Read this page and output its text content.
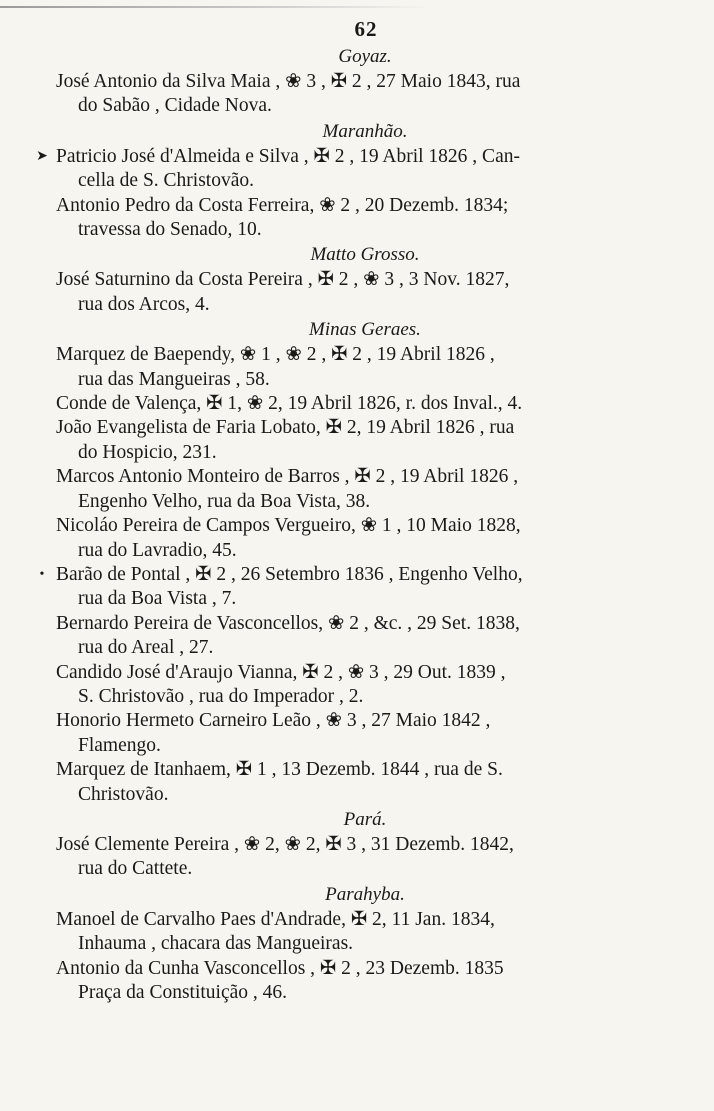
62
Goyaz.
José Antonio da Silva Maia , ❀ 3 , ✠ 2 , 27 Maio 1843, rua
do Sabão , Cidade Nova.
Maranhão.
➤ Patricio José d'Almeida e Silva , ✠ 2 , 19 Abril 1826 , Can-
cella de S. Christovão.
Antonio Pedro da Costa Ferreira, ❀ 2 , 20 Dezemb. 1834;
travessa do Senado, 10.
Matto Grosso.
José Saturnino da Costa Pereira , ✠ 2 , ❀ 3 , 3 Nov. 1827,
rua dos Arcos, 4.
Minas Geraes.
Marquez de Baependy, ❀ 1 , ❀ 2 , ✠ 2 , 19 Abril 1826 ,
rua das Mangueiras , 58.
Conde de Valença, ✠ 1, ❀ 2, 19 Abril 1826, r. dos Inval., 4.
João Evangelista de Faria Lobato, ✠ 2, 19 Abril 1826 , rua
do Hospicio, 231.
Marcos Antonio Monteiro de Barros , ✠ 2 , 19 Abril 1826 ,
Engenho Velho, rua da Boa Vista, 38.
Nicoláo Pereira de Campos Vergueiro, ❀ 1 , 10 Maio 1828,
rua do Lavradio, 45.
• Barão de Pontal , ✠ 2 , 26 Setembro 1836 , Engenho Velho,
rua da Boa Vista , 7.
Bernardo Pereira de Vasconcellos, ❀ 2 , &c. , 29 Set. 1838,
rua do Areal , 27.
Candido José d'Araujo Vianna, ✠ 2 , ❀ 3 , 29 Out. 1839 ,
S. Christovão , rua do Imperador , 2.
Honorio Hermeto Carneiro Leão , ❀ 3 , 27 Maio 1842 ,
Flamengo.
Marquez de Itanhaem, ✠ 1 , 13 Dezemb. 1844 , rua de S.
Christovão.
Pará.
José Clemente Pereira , ❀ 2, ❀ 2, ✠ 3 , 31 Dezemb. 1842,
rua do Cattete.
Parahyba.
Manoel de Carvalho Paes d'Andrade, ✠ 2, 11 Jan. 1834,
Inhauma , chacara das Mangueiras.
Antonio da Cunha Vasconcellos , ✠ 2 , 23 Dezemb. 1835
Praça da Constituição , 46.
